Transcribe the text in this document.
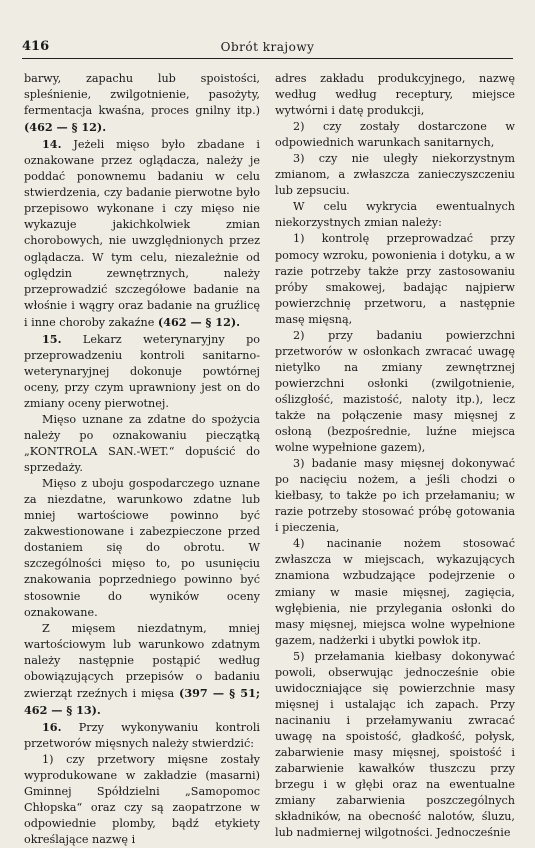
416	Obrót krajowy

barwy, zapachu lub spoistości, spleśnienie, zwilgotnienie, pasożyty, fermentacja kwaśna, proces gnilny itp.) (462 — § 12).

14. Jeżeli mięso było zbadane i oznakowane przez oglądacza, należy je poddać ponownemu badaniu w celu stwierdzenia, czy badanie pierwotne było przepisowo wykonane i czy mięso nie wykazuje jakichkolwiek zmian chorobowych, nie uwzględnionych przez oglądacza. W tym celu, niezależnie od oględzin zewnętrznych, należy przeprowadzić szczegółowe badanie na włośnie i wągry oraz badanie na gruźlicę i inne choroby zakaźne (462 — § 12).

15. Lekarz weterynaryjny po przeprowadzeniu kontroli sanitarno-weterynaryjnej dokonuje powtórnej oceny, przy czym uprawniony jest on do zmiany oceny pierwotnej.

Mięso uznane za zdatne do spożycia należy po oznakowaniu pieczątką „KONTROLA SAN.-WET.“ dopuścić do sprzedaży.

Mięso z uboju gospodarczego uznane za niezdatne, warunkowo zdatne lub mniej wartościowe powinno być zakwestionowane i zabezpieczone przed dostaniem się do obrotu. W szczególności mięso to, po usunięciu znakowania poprzedniego powinno być stosownie do wyników oceny oznakowane.

Z mięsem niezdatnym, mniej wartościowym lub warunkowo zdatnym należy następnie postąpić według obowiązujących przepisów o badaniu zwierząt rzeźnych i mięsa (397 — § 51; 462 — § 13).

16. Przy wykonywaniu kontroli przetworów mięsnych należy stwierdzić:

1) czy przetwory mięsne zostały wyprodukowane w zakładzie (masarni) Gminnej Spółdzielni „Samopomoc Chłopska“ oraz czy są zaopatrzone w odpowiednie plomby, bądź etykiety określające nazwę i

adres zakładu produkcyjnego, nazwę według według receptury, miejsce wytwórni i datę produkcji,

2) czy zostały dostarczone w odpowiednich warunkach sanitarnych,

3) czy nie uległy niekorzystnym zmianom, a zwłaszcza zanieczyszczeniu lub zepsuciu.

W celu wykrycia ewentualnych niekorzystnych zmian należy:

1) kontrolę przeprowadzać przy pomocy wzroku, powonienia i dotyku, a w razie potrzeby także przy zastosowaniu próby smakowej, badając najpierw powierzchnię przetworu, a następnie masę mięsną,

2) przy badaniu powierzchni przetworów w osłonkach zwracać uwagę nietylko na zmiany zewnętrznej powierzchni osłonki (zwilgotnienie, oślizgłość, mazistość, naloty itp.), lecz także na połączenie masy mięsnej z osłoną (bezpośrednie, luźne miejsca wolne wypełnione gazem),

3) badanie masy mięsnej dokonywać po nacięciu nożem, a jeśli chodzi o kiełbasy, to także po ich przełamaniu; w razie potrzeby stosować próbę gotowania i pieczenia,

4) nacinanie nożem stosować zwłaszcza w miejscach, wykazujących znamiona wzbudzające podejrzenie o zmiany w masie mięsnej, zagięcia, wgłębienia, nie przylegania osłonki do masy mięsnej, miejsca wolne wypełnione gazem, nadżerki i ubytki powłok itp.

5) przełamania kiełbasy dokonywać powoli, obserwując jednocześnie obie uwidoczniające się powierzchnie masy mięsnej i ustalając ich zapach. Przy nacinaniu i przełamywaniu zwracać uwagę na spoistość, gładkość, połysk, zabarwienie masy mięsnej, spoistość i zabarwienie kawałków tłuszczu przy brzegu i w głębi oraz na ewentualne zmiany zabarwienia poszczególnych składników, na obecność nalotów, śluzu, lub nadmiernej wilgotności. Jednocześnie
